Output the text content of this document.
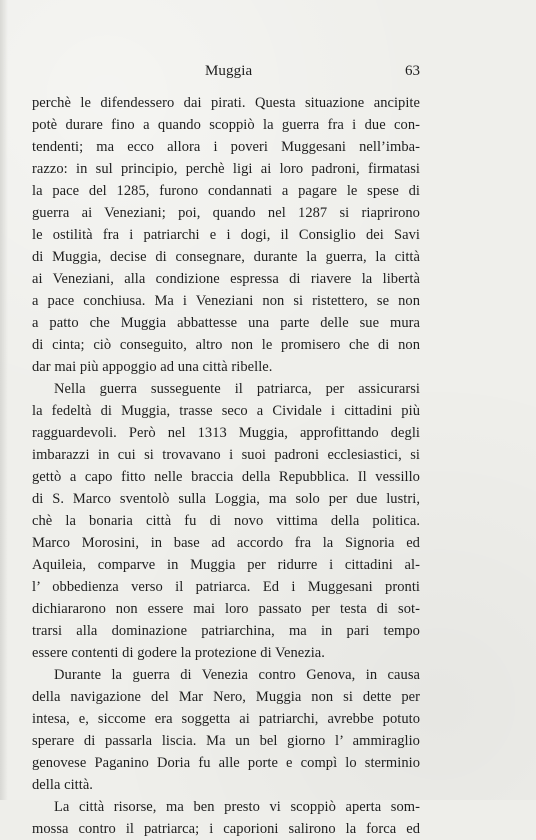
Muggia	63
perchè le difendessero dai pirati. Questa situazione ancipite
potè durare fino a quando scoppiò la guerra fra i due con-
tendenti; ma ecco allora i poveri Muggesani nell’imba-
razzo: in sul principio, perchè ligi ai loro padroni, firmatasi
la pace del 1285, furono condannati a pagare le spese di
guerra ai Veneziani; poi, quando nel 1287 si riaprirono
le ostilità fra i patriarchi e i dogi, il Consiglio dei Savi
di Muggia, decise di consegnare, durante la guerra, la città
ai Veneziani, alla condizione espressa di riavere la libertà
a pace conchiusa. Ma i Veneziani non si ristettero, se non
a patto che Muggia abbattesse una parte delle sue mura
di cinta; ciò conseguito, altro non le promisero che di non
dar mai più appoggio ad una città ribelle.
Nella guerra susseguente il patriarca, per assicurarsi
la fedeltà di Muggia, trasse seco a Cividale i cittadini più
ragguardevoli. Però nel 1313 Muggia, approfittando degli
imbarazzi in cui si trovavano i suoi padroni ecclesiastici, si
gettò a capo fitto nelle braccia della Repubblica. Il vessillo
di S. Marco sventolò sulla Loggia, ma solo per due lustri,
chè la bonaria città fu di novo vittima della politica.
Marco Morosini, in base ad accordo fra la Signoria ed
Aquileia, comparve in Muggia per ridurre i cittadini al-
l’ obbedienza verso il patriarca. Ed i Muggesani pronti
dichiararono non essere mai loro passato per testa di sot-
trarsi alla dominazione patriarchina, ma in pari tempo
essere contenti di godere la protezione di Venezia.
Durante la guerra di Venezia contro Genova, in causa
della navigazione del Mar Nero, Muggia non si dette per
intesa, e, siccome era soggetta ai patriarchi, avrebbe potuto
sperare di passarla liscia. Ma un bel giorno l’ ammiraglio
genovese Paganino Doria fu alle porte e compì lo sterminio
della città.
La città risorse, ma ben presto vi scoppiò aperta som-
mossa contro il patriarca; i caporioni salirono la forca ed
